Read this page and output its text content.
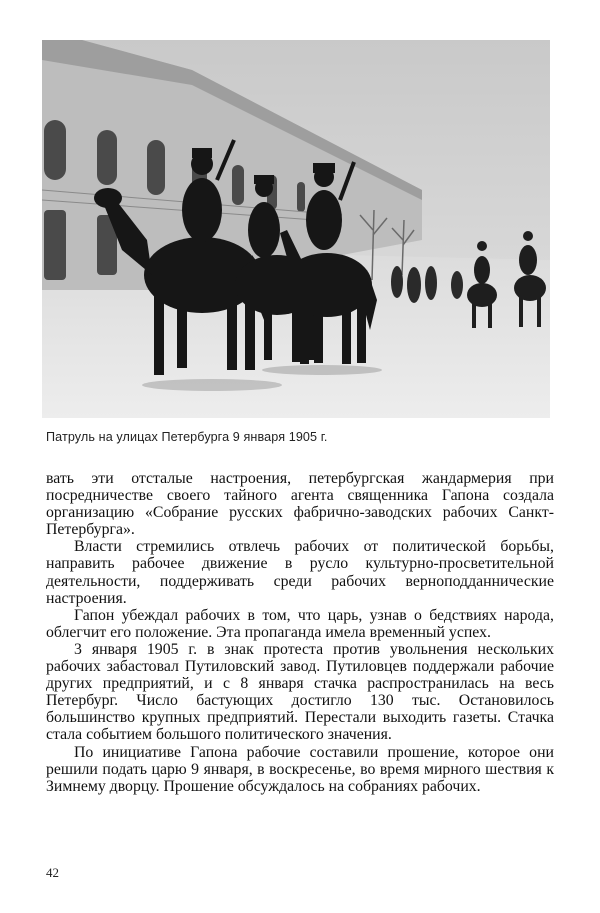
Патруль на улицах Петербурга 9 января 1905 г.

вать эти отсталые настроения, петербургская жандармерия при посредничестве своего тайного агента священника Гапона создала организацию «Собрание русских фабрично-заводских рабочих Санкт-Петербурга».

Власти стремились отвлечь рабочих от политической борьбы, направить рабочее движение в русло культурно-просветительной деятельности, поддерживать среди рабочих верноподданнические настроения.

Гапон убеждал рабочих в том, что царь, узнав о бедствиях народа, облегчит его положение. Эта пропаганда имела временный успех.

3 января 1905 г. в знак протеста против увольнения нескольких рабочих забастовал Путиловский завод. Путиловцев поддержали рабочие других предприятий, и с 8 января стачка распространилась на весь Петербург. Число бастующих достигло 130 тыс. Остановилось большинство крупных предприятий. Перестали выходить газеты. Стачка стала событием большого политического значения.

По инициативе Гапона рабочие составили прошение, которое они решили подать царю 9 января, в воскресенье, во время мирного шествия к Зимнему дворцу. Прошение обсуждалось на собраниях рабочих.

42
